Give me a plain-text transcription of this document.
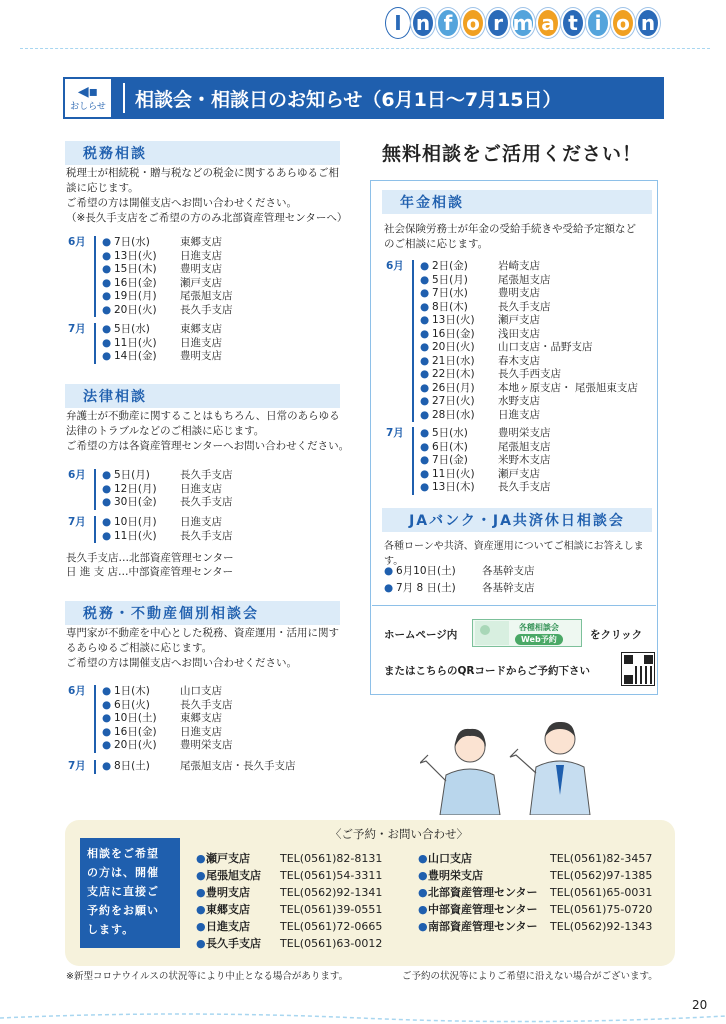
I n f o r m a t i o n
◀▪
おしらせ 相談会・相談日のお知らせ（6月1日～7月15日）
税務相談
税理士が相続税・贈与税などの税金に関するあらゆるご相
談に応じます。
ご希望の方は開催支店へお問い合わせください。
（※長久手支店をご希望の方のみ北部資産管理センターへ）
6月	● 7日(水)	東郷支店
● 13日(火)	日進支店
● 15日(木)	豊明支店
● 16日(金)	瀬戸支店
● 19日(月)	尾張旭支店
● 20日(火)	長久手支店
7月	● 5日(水)	東郷支店
● 11日(火)	日進支店
● 14日(金)	豊明支店
法律相談
弁護士が不動産に関することはもちろん、日常のあらゆる
法律のトラブルなどのご相談に応じます。
ご希望の方は各資産管理センターへお問い合わせください。
6月	● 5日(月)	長久手支店
● 12日(月)	日進支店
● 30日(金)	長久手支店
7月	● 10日(月)	日進支店
● 11日(火)	長久手支店
長久手支店…北部資産管理センター
日 進 支 店…中部資産管理センター
税務・不動産個別相談会
専門家が不動産を中心とした税務、資産運用・活用に関す
るあらゆるご相談に応じます。
ご希望の方は開催支店へお問い合わせください。
6月	● 1日(木)	山口支店
● 6日(火)	長久手支店
● 10日(土)	東郷支店
● 16日(金)	日進支店
● 20日(火)	豊明栄支店
7月	● 8日(土)	尾張旭支店・長久手支店
無料相談をご活用ください！
年金相談
社会保険労務士が年金の受給手続きや受給予定額など
のご相談に応じます。
6月	● 2日(金)	岩崎支店
● 5日(月)	尾張旭支店
● 7日(水)	豊明支店
● 8日(木)	長久手支店
● 13日(火)	瀬戸支店
● 16日(金)	浅田支店
● 20日(火)	山口支店・品野支店
● 21日(水)	春木支店
● 22日(木)	長久手西支店
● 26日(月)	本地ヶ原支店・ 尾張旭東支店
● 27日(火)	水野支店
● 28日(水)	日進支店
7月	● 5日(水)	豊明栄支店
● 6日(木)	尾張旭支店
● 7日(金)	米野木支店
● 11日(火)	瀬戸支店
● 13日(木)	長久手支店
JAバンク・JA共済休日相談会
各種ローンや共済、資産運用についてご相談にお答えします。
● 6月10日(土)	各基幹支店
● 7月 8 日(土)	各基幹支店
ホームページ内
各種相談会
Web予約	をクリック
またはこちらのQRコードからご予約下さい
相談をご希望
の方は、開催
支店に直接ご
予約をお願い
します。
〈ご予約・お問い合わせ〉
● 瀬戸支店	TEL(0561)82-8131
● 尾張旭支店	TEL(0561)54-3311
● 豊明支店	TEL(0562)92-1341
● 東郷支店	TEL(0561)39-0551
● 日進支店	TEL(0561)72-0665
● 長久手支店	TEL(0561)63-0012
● 山口支店	TEL(0561)82-3457
● 豊明栄支店	TEL(0562)97-1385
● 北部資産管理センター	TEL(0561)65-0031
● 中部資産管理センター	TEL(0561)75-0720
● 南部資産管理センター	TEL(0562)92-1343
※新型コロナウイルスの状況等により中止となる場合があります。	ご予約の状況等によりご希望に沿えない場合がございます。
20
